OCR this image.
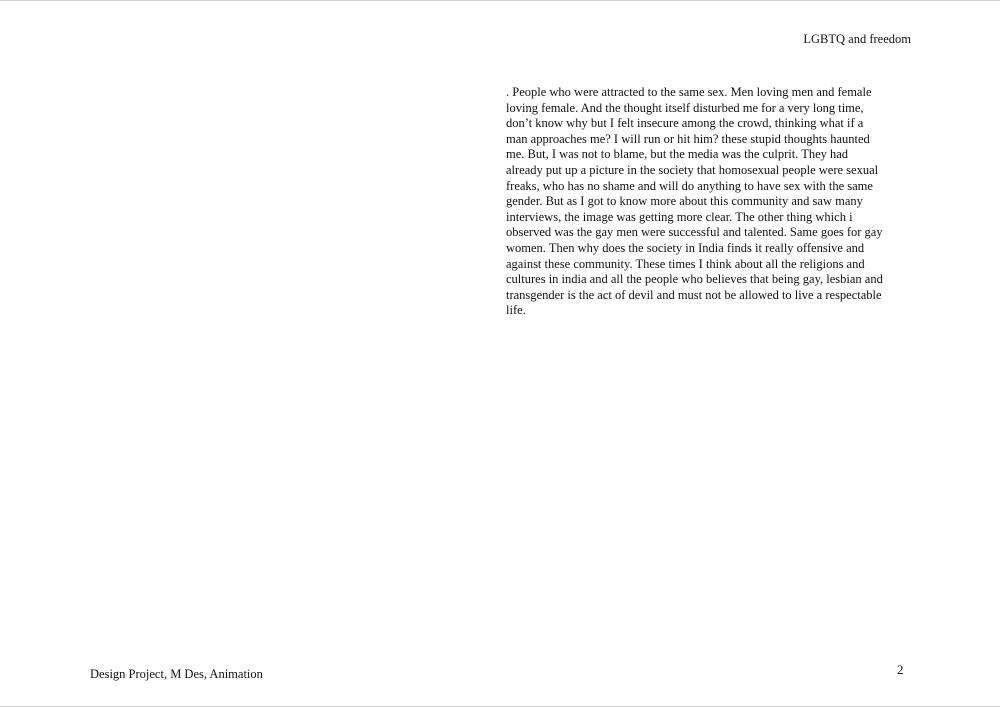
LGBTQ and freedom

. People who were attracted to the same sex. Men loving men and female
loving female. And the thought itself disturbed me for a very long time,
don’t know why but I felt insecure among the crowd, thinking what if a
man approaches me? I will run or hit him? these stupid thoughts haunted
me. But, I was not to blame, but the media was the culprit. They had
already put up a picture in the society that homosexual people were sexual
freaks, who has no shame and will do anything to have sex with the same
gender. But as I got to know more about this community and saw many
interviews, the image was getting more clear. The other thing which i
observed was the gay men were successful and talented. Same goes for gay
women. Then why does the society in India finds it really offensive and
against these community. These times I think about all the religions and
cultures in india and all the people who believes that being gay, lesbian and
transgender is the act of devil and must not be allowed to live a respectable
life.

Design Project, M Des, Animation	2
